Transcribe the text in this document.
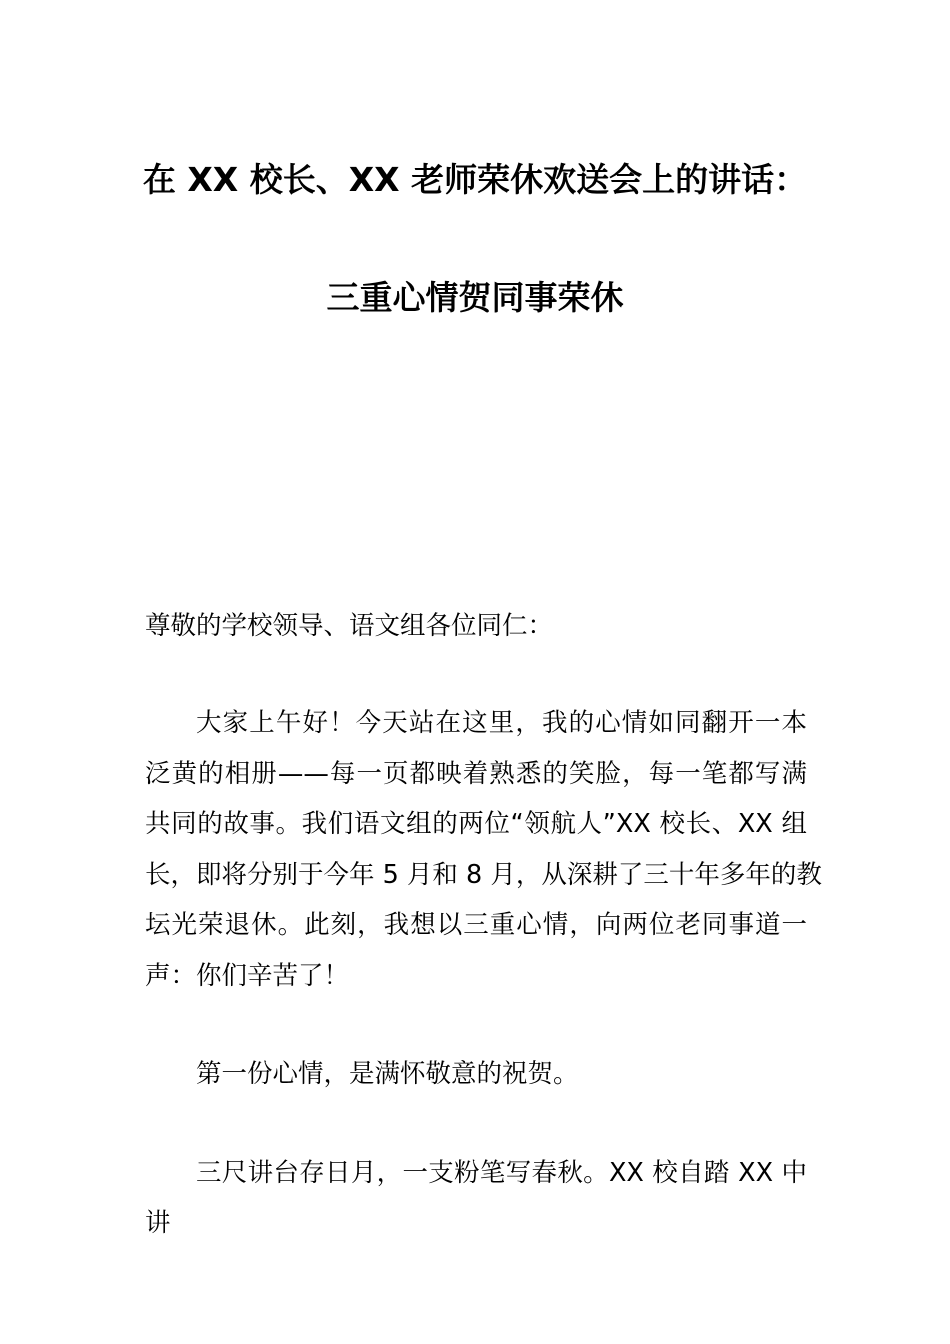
在 XX 校长、XX 老师荣休欢送会上的讲话：
三重心情贺同事荣休
尊敬的学校领导、语文组各位同仁：
大家上午好！今天站在这里，我的心情如同翻开一本
泛黄的相册——每一页都映着熟悉的笑脸，每一笔都写满
共同的故事。我们语文组的两位“领航人”XX 校长、XX 组
长，即将分别于今年 5 月和 8 月，从深耕了三十年多年的教
坛光荣退休。此刻，我想以三重心情，向两位老同事道一
声：你们辛苦了！
第一份心情，是满怀敬意的祝贺。
三尺讲台存日月，一支粉笔写春秋。XX 校自踏 XX 中讲
